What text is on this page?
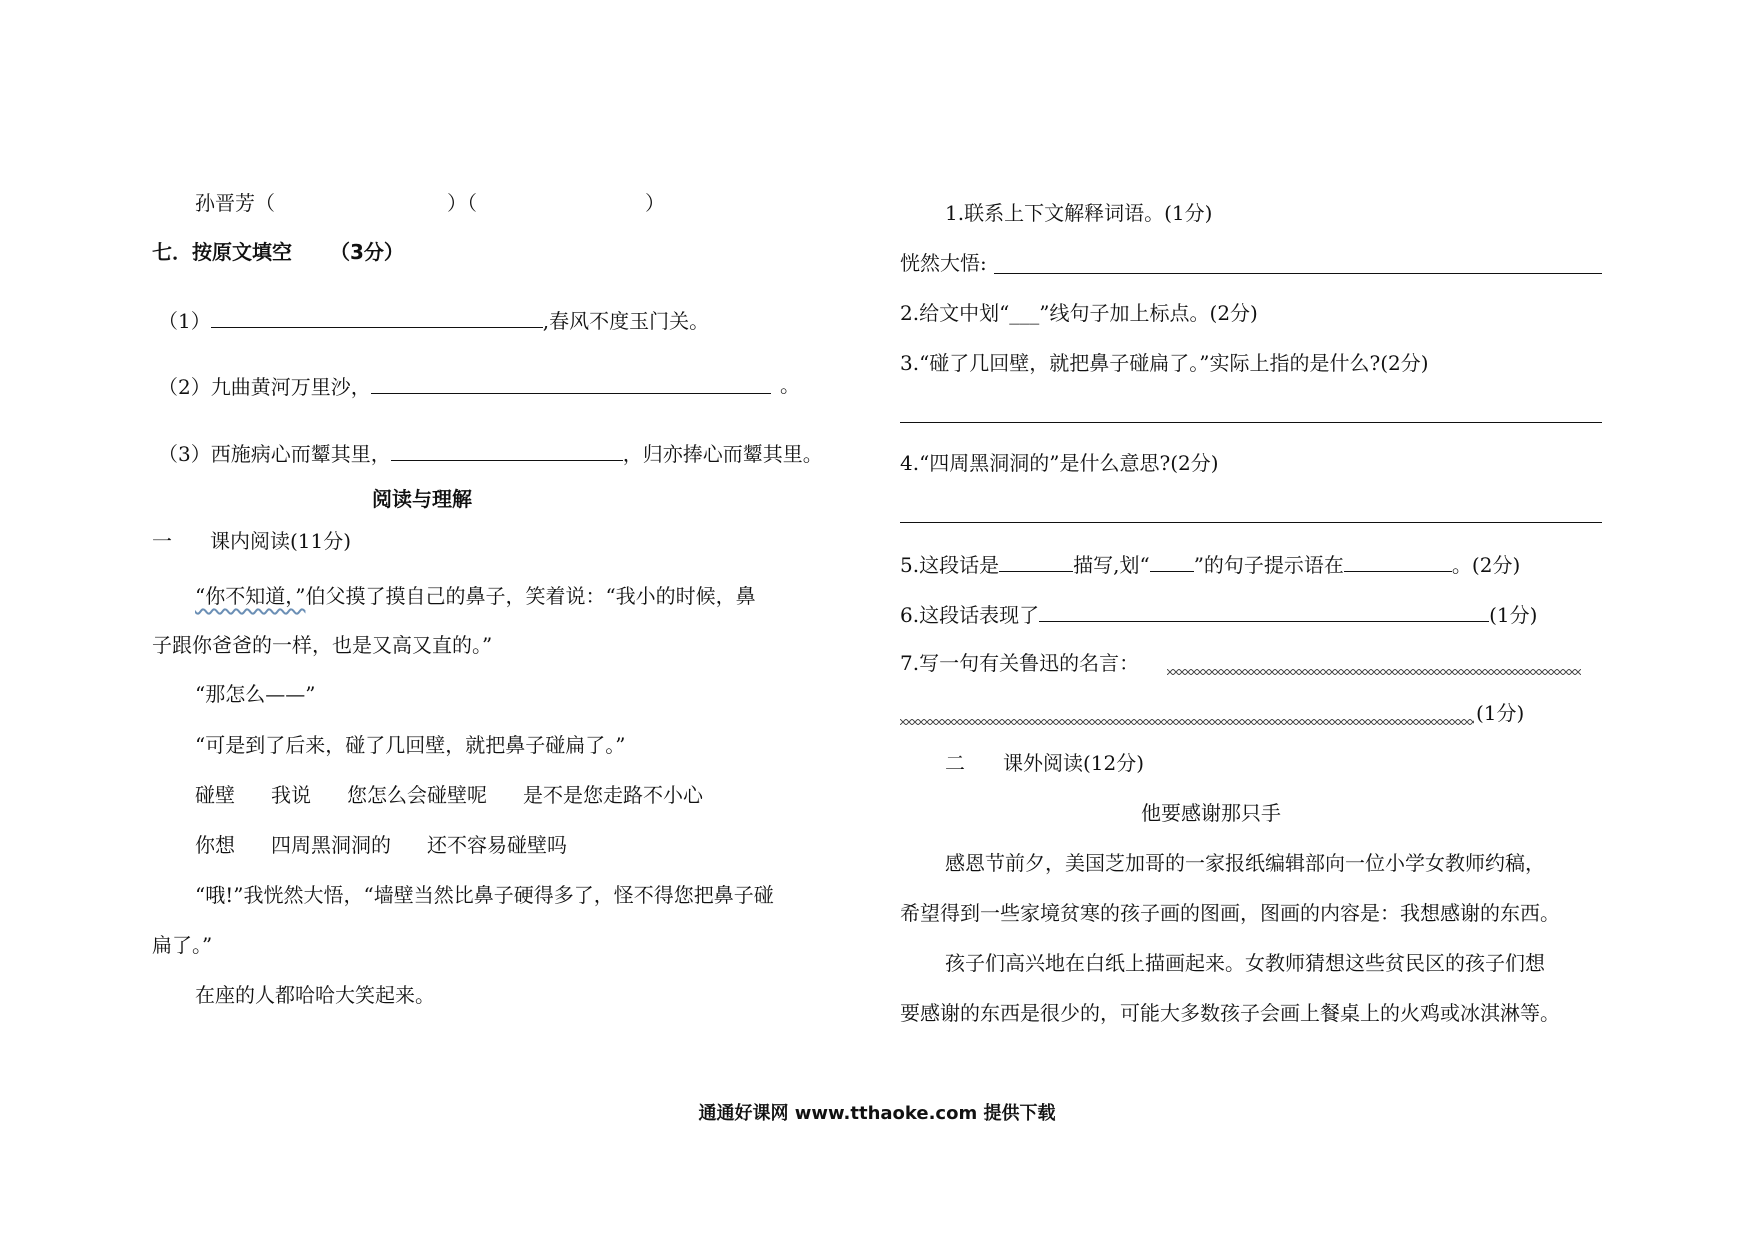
孙晋芳（	）（	）
七．按原文填空 （3分）
（1）	,春风不度玉门关。
（2）九曲黄河万里沙，	。
（3）西施病心而颦其里，	，归亦捧心而颦其里。
阅读与理解
一 课内阅读(11分)
“你不知道，”伯父摸了摸自己的鼻子，笑着说：“我小的时候，鼻
子跟你爸爸的一样，也是又高又直的。”
“那怎么——”
“可是到了后来，碰了几回壁，就把鼻子碰扁了。”
碰壁 我说 您怎么会碰壁呢 是不是您走路不小心
你想 四周黑洞洞的 还不容易碰壁吗
“哦!”我恍然大悟，“墙壁当然比鼻子硬得多了，怪不得您把鼻子碰
扁了。”
在座的人都哈哈大笑起来。
1.联系上下文解释词语。(1分)
恍然大悟:
2.给文中划“___”线句子加上标点。(2分)
3.“碰了几回壁，就把鼻子碰扁了。”实际上指的是什么?(2分)
4.“四周黑洞洞的”是什么意思?(2分)
5.这段话是	描写,划“ ”的句子提示语在	。(2分)
6.这段话表现了	(1分)
7.写一句有关鲁迅的名言：
(1分)
二 课外阅读(12分)
他要感谢那只手
感恩节前夕，美国芝加哥的一家报纸编辑部向一位小学女教师约稿，
希望得到一些家境贫寒的孩子画的图画，图画的内容是：我想感谢的东西。
孩子们高兴地在白纸上描画起来。女教师猜想这些贫民区的孩子们想
要感谢的东西是很少的，可能大多数孩子会画上餐桌上的火鸡或冰淇淋等。
通通好课网 www.tthaoke.com 提供下载
